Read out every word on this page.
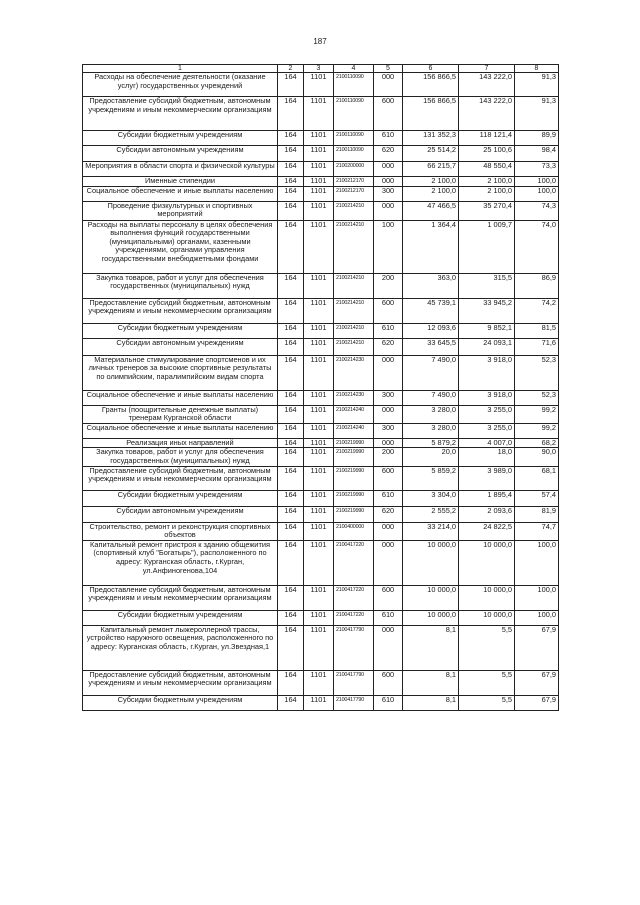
187
1	2	3	4	5	6	7	8
Расходы на обеспечение деятельности (оказание услуг) государственных учреждений	164	1101	2100110090	000	156 866,5	143 222,0	91,3
Предоставление субсидий бюджетным, автономным учреждениям и иным некоммерческим организациям	164	1101	2100110090	600	156 866,5	143 222,0	91,3
Субсидии бюджетным учреждениям	164	1101	2100110090	610	131 352,3	118 121,4	89,9
Субсидии автономным учреждениям	164	1101	2100110090	620	25 514,2	25 100,6	98,4
Мероприятия в области спорта и физической культуры	164	1101	2100200000	000	66 215,7	48 550,4	73,3
Именные стипендии	164	1101	2100212170	000	2 100,0	2 100,0	100,0
Социальное обеспечение и иные выплаты населению	164	1101	2100212170	300	2 100,0	2 100,0	100,0
Проведение физкультурных и спортивных мероприятий	164	1101	2100214210	000	47 466,5	35 270,4	74,3
Расходы на выплаты персоналу в целях обеспечения выполнения функций государственными (муниципальными) органами, казенными учреждениями, органами управления государственными внебюджетными фондами	164	1101	2100214210	100	1 364,4	1 009,7	74,0
Закупка товаров, работ и услуг для обеспечения государственных (муниципальных) нужд	164	1101	2100214210	200	363,0	315,5	86,9
Предоставление субсидий бюджетным, автономным учреждениям и иным некоммерческим организациям	164	1101	2100214210	600	45 739,1	33 945,2	74,2
Субсидии бюджетным учреждениям	164	1101	2100214210	610	12 093,6	9 852,1	81,5
Субсидии автономным учреждениям	164	1101	2100214210	620	33 645,5	24 093,1	71,6
Материальное стимулирование спортсменов и их личных тренеров за высокие спортивные результаты по олимпийским, паралимпийским видам спорта	164	1101	2100214230	000	7 490,0	3 918,0	52,3
Социальное обеспечение и иные выплаты населению	164	1101	2100214230	300	7 490,0	3 918,0	52,3
Гранты (поощрительные денежные выплаты) тренерам Курганской области	164	1101	2100214240	000	3 280,0	3 255,0	99,2
Социальное обеспечение и иные выплаты населению	164	1101	2100214240	300	3 280,0	3 255,0	99,2
Реализация иных направлений	164	1101	2100219990	000	5 879,2	4 007,0	68,2
Закупка товаров, работ и услуг для обеспечения государственных (муниципальных) нужд	164	1101	2100219990	200	20,0	18,0	90,0
Предоставление субсидий бюджетным, автономным учреждениям и иным некоммерческим организациям	164	1101	2100219990	600	5 859,2	3 989,0	68,1
Субсидии бюджетным учреждениям	164	1101	2100219990	610	3 304,0	1 895,4	57,4
Субсидии автономным учреждениям	164	1101	2100219990	620	2 555,2	2 093,6	81,9
Строительство, ремонт и реконструкция спортивных объектов	164	1101	2100400000	000	33 214,0	24 822,5	74,7
Капитальный ремонт пристроя к зданию общежития (спортивный клуб "Богатырь"), расположенного по адресу: Курганская область, г.Курган, ул.Анфиногенова,104	164	1101	2100417220	000	10 000,0	10 000,0	100,0
Предоставление субсидий бюджетным, автономным учреждениям и иным некоммерческим организациям	164	1101	2100417220	600	10 000,0	10 000,0	100,0
Субсидии бюджетным учреждениям	164	1101	2100417220	610	10 000,0	10 000,0	100,0
Капитальный ремонт лыжероллерной трассы, устройство наружного освещения, расположенного по адресу: Курганская область, г.Курган, ул.Звездная,1	164	1101	2100417790	000	8,1	5,5	67,9
Предоставление субсидий бюджетным, автономным учреждениям и иным некоммерческим организациям	164	1101	2100417790	600	8,1	5,5	67,9
Субсидии бюджетным учреждениям	164	1101	2100417790	610	8,1	5,5	67,9
